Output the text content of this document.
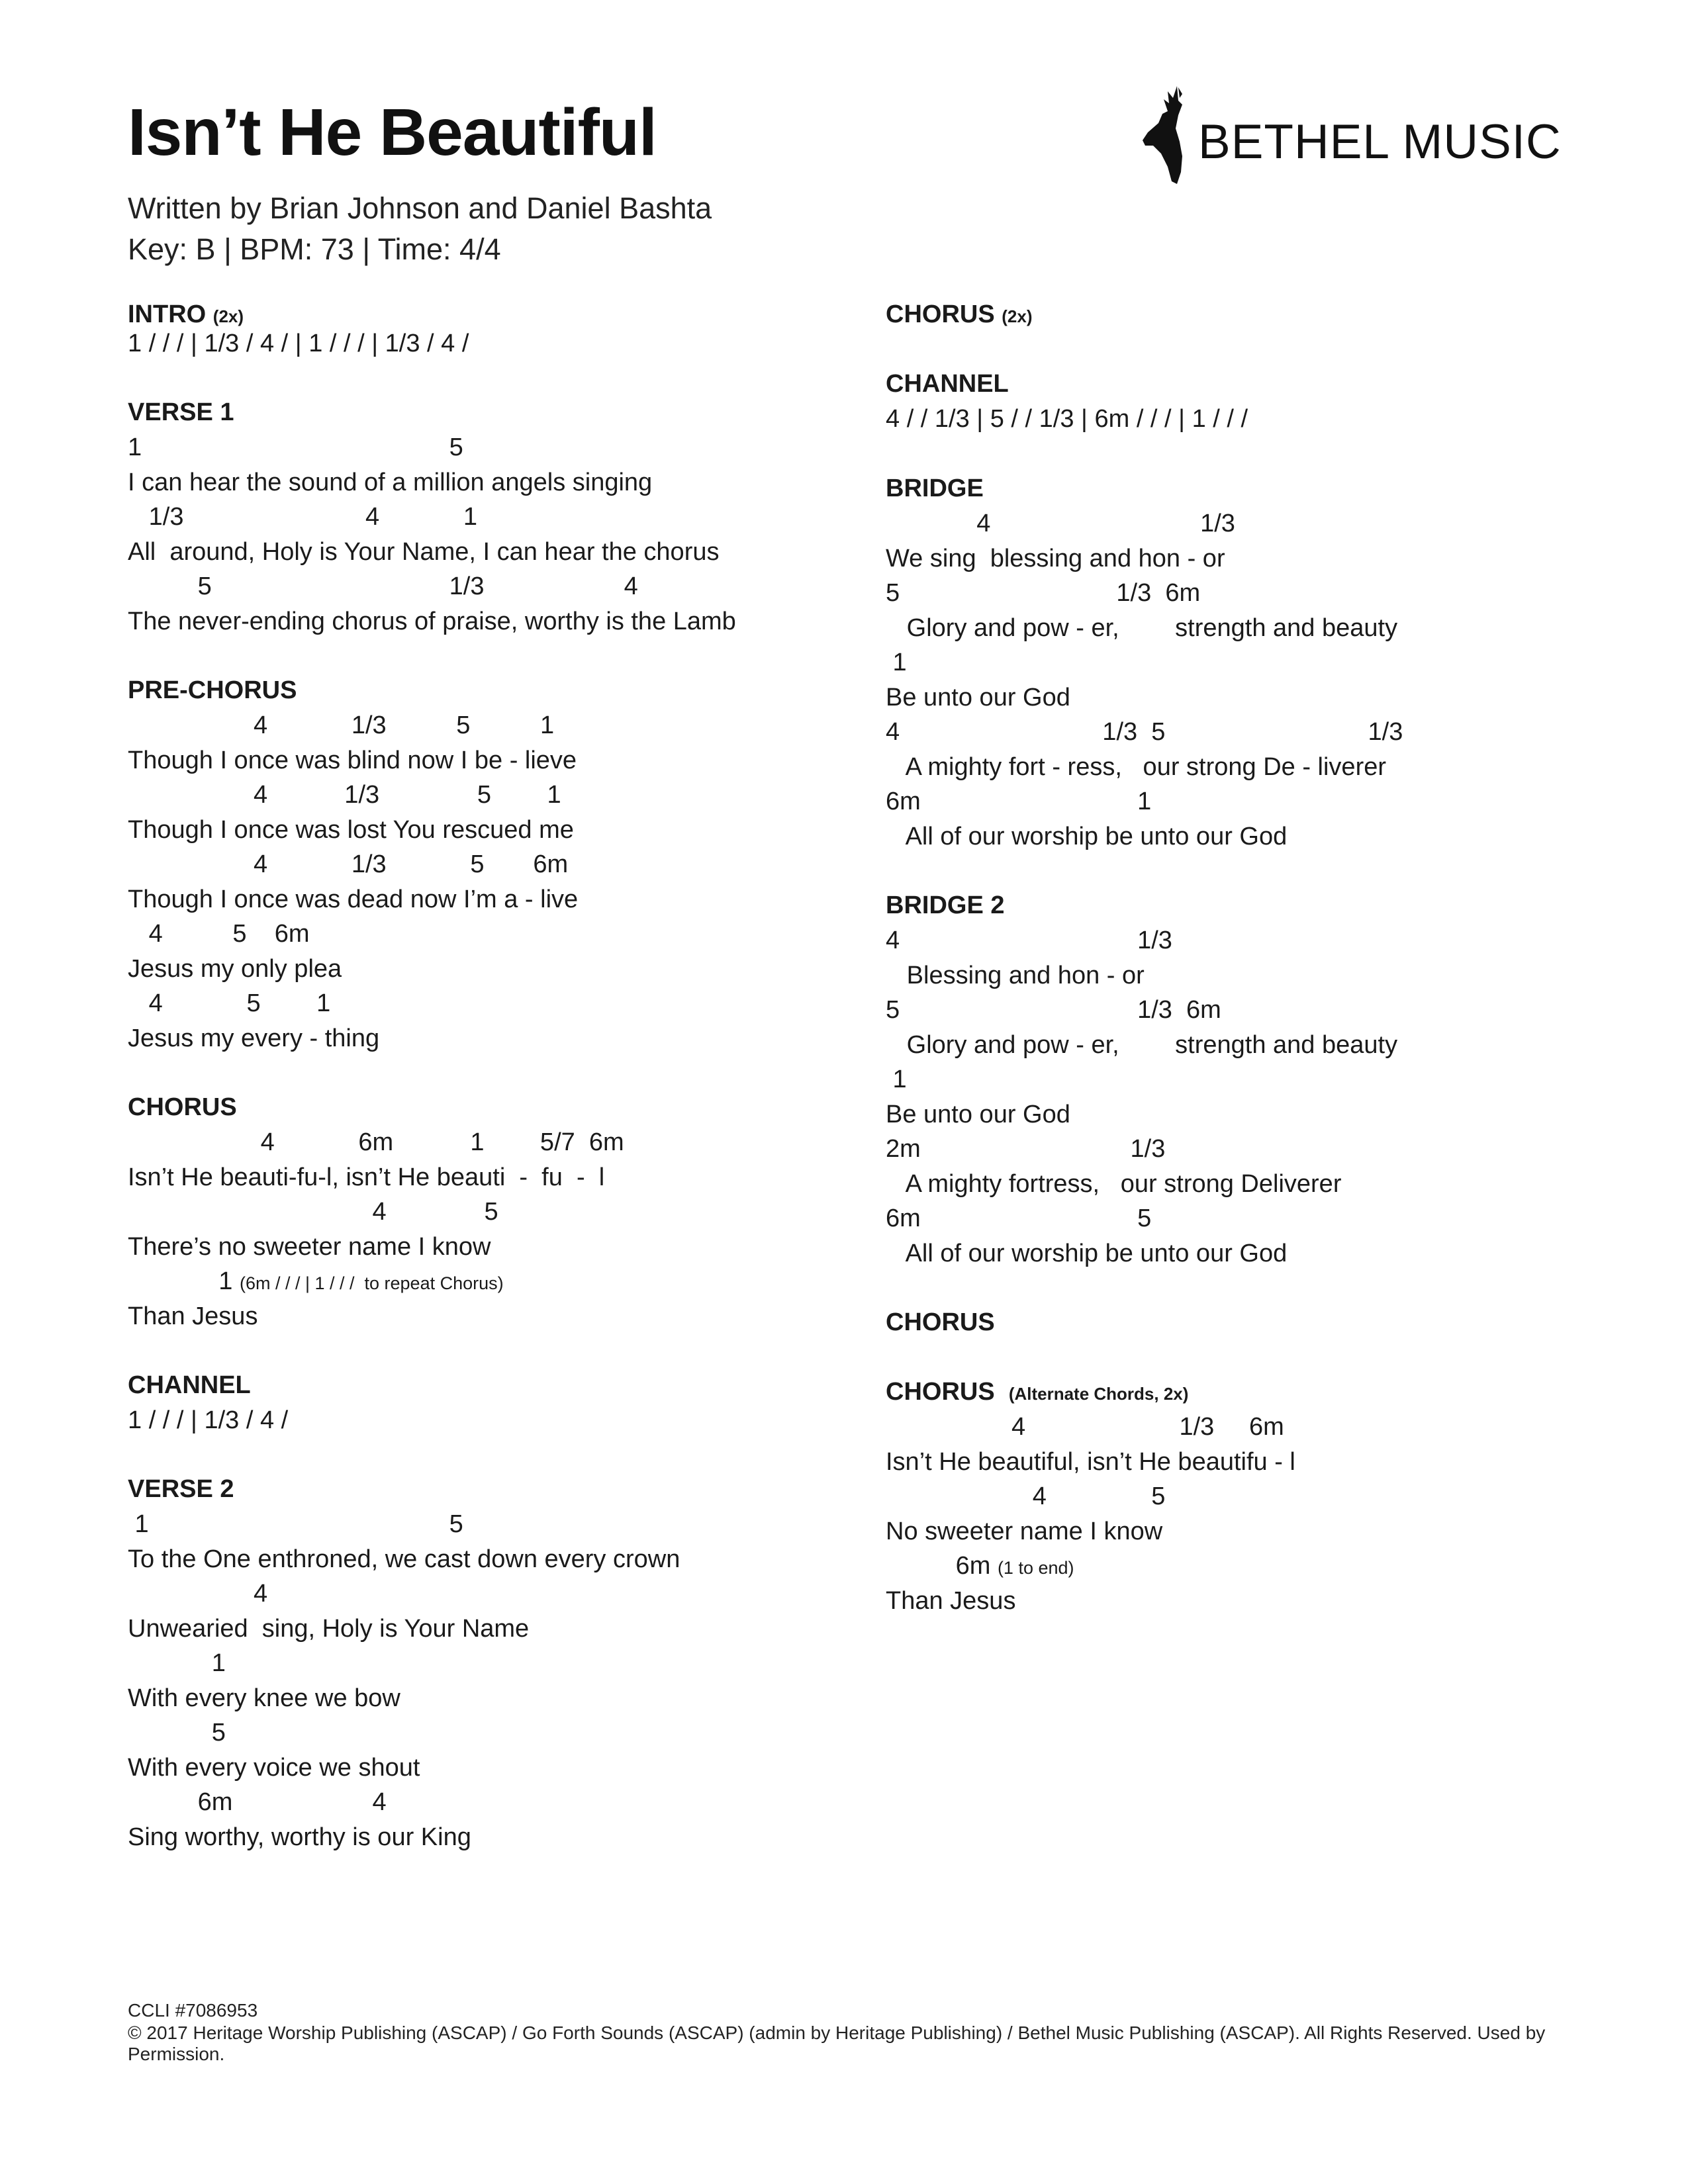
Isn’t He Beautiful
Written by Brian Johnson and Daniel Bashta
Key: B | BPM: 73 | Time: 4/4
BETHEL MUSIC
INTRO (2x)
1 / / / | 1/3 / 4 / | 1 / / / | 1/3 / 4 /
VERSE 1
1                                            5
I can hear the sound of a million angels singing
1/3                          4            1
All  around, Holy is Your Name, I can hear the chorus
5                                  1/3                    4
The never-ending chorus of praise, worthy is the Lamb
PRE-CHORUS
4            1/3          5          1
Though I once was blind now I be - lieve
4           1/3              5        1
Though I once was lost You rescued me
4            1/3            5       6m
Though I once was dead now I’m a - live
4          5    6m
Jesus my only plea
4            5        1
Jesus my every - thing
CHORUS
4            6m           1        5/7  6m
Isn’t He beauti-fu-l, isn’t He beauti  -  fu  -  l
4              5
There’s no sweeter name I know
1 (6m / / / | 1 / / /  to repeat Chorus)
Than Jesus
CHANNEL
1 / / / | 1/3 / 4 /
VERSE 2
1                                           5
To the One enthroned, we cast down every crown
4
Unwearied  sing, Holy is Your Name
1
With every knee we bow
5
With every voice we shout
6m                    4
Sing worthy, worthy is our King
CHORUS (2x)
CHANNEL
4 / / 1/3 | 5 / / 1/3 | 6m / / / | 1 / / /
BRIDGE
4                              1/3
We sing  blessing and hon - or
5                               1/3  6m
Glory and pow - er,        strength and beauty
1
Be unto our God
4                             1/3  5                             1/3
A mighty fort - ress,   our strong De - liverer
6m                               1
All of our worship be unto our God
BRIDGE 2
4                                  1/3
Blessing and hon - or
5                                  1/3  6m
Glory and pow - er,        strength and beauty
1
Be unto our God
2m                              1/3
A mighty fortress,   our strong Deliverer
6m                               5
All of our worship be unto our God
CHORUS
CHORUS (Alternate Chords, 2x)
4                      1/3     6m
Isn’t He beautiful, isn’t He beautifu - l
4               5
No sweeter name I know
6m (1 to end)
Than Jesus
CCLI #7086953
© 2017 Heritage Worship Publishing (ASCAP) / Go Forth Sounds (ASCAP) (admin by Heritage Publishing) / Bethel Music Publishing (ASCAP). All Rights Reserved. Used by Permission.
